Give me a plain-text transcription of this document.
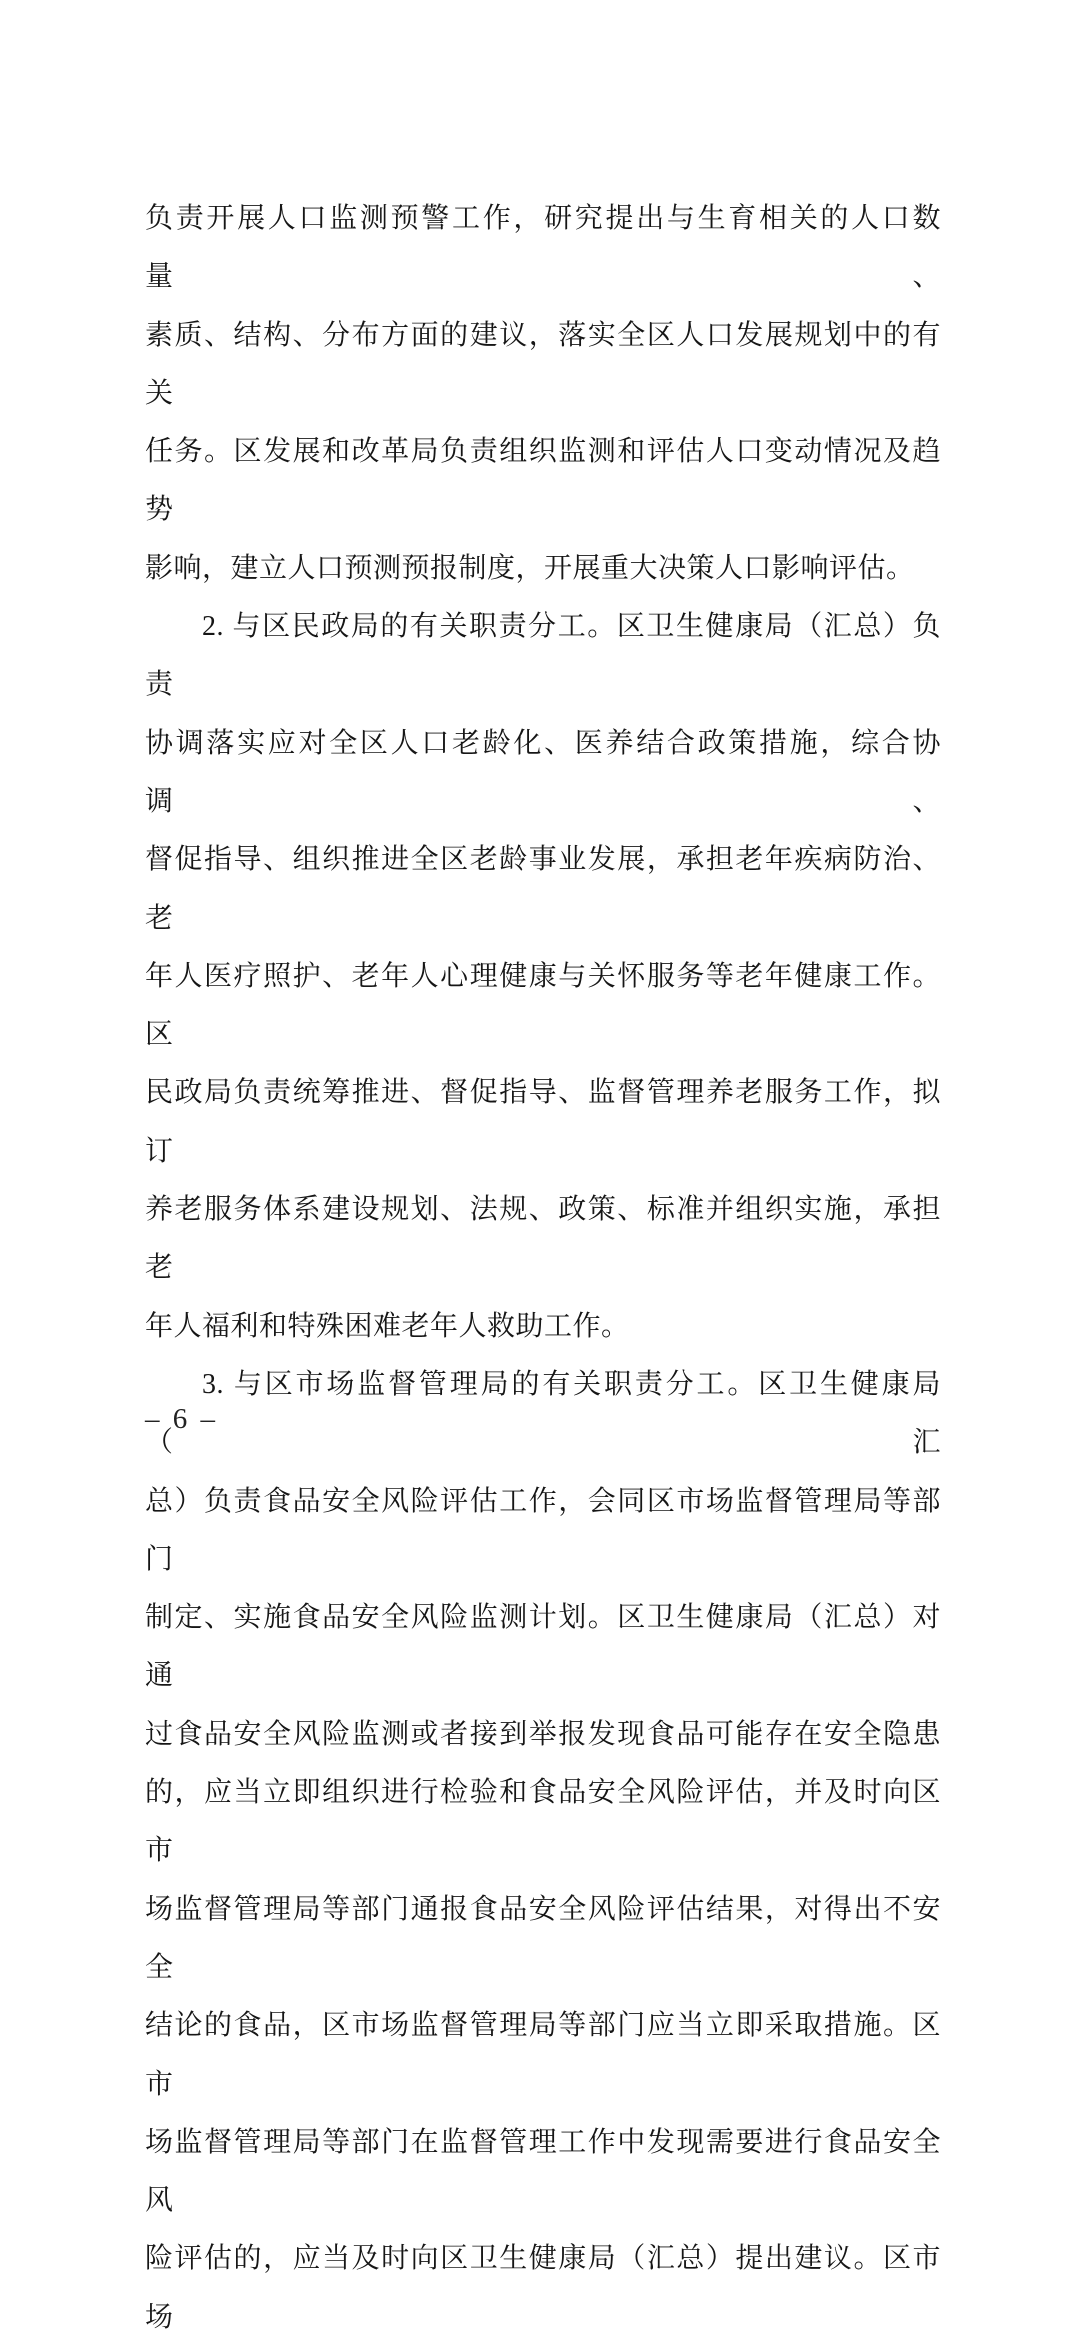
负责开展人口监测预警工作，研究提出与生育相关的人口数量、
素质、结构、分布方面的建议，落实全区人口发展规划中的有关
任务。区发展和改革局负责组织监测和评估人口变动情况及趋势
影响，建立人口预测预报制度，开展重大决策人口影响评估。
2. 与区民政局的有关职责分工。区卫生健康局（汇总）负责
协调落实应对全区人口老龄化、医养结合政策措施，综合协调、
督促指导、组织推进全区老龄事业发展，承担老年疾病防治、老
年人医疗照护、老年人心理健康与关怀服务等老年健康工作。区
民政局负责统筹推进、督促指导、监督管理养老服务工作，拟订
养老服务体系建设规划、法规、政策、标准并组织实施，承担老
年人福利和特殊困难老年人救助工作。
3. 与区市场监督管理局的有关职责分工。区卫生健康局（汇
总）负责食品安全风险评估工作，会同区市场监督管理局等部门
制定、实施食品安全风险监测计划。区卫生健康局（汇总）对通
过食品安全风险监测或者接到举报发现食品可能存在安全隐患
的，应当立即组织进行检验和食品安全风险评估，并及时向区市
场监督管理局等部门通报食品安全风险评估结果，对得出不安全
结论的食品，区市场监督管理局等部门应当立即采取措施。区市
场监督管理局等部门在监督管理工作中发现需要进行食品安全风
险评估的，应当及时向区卫生健康局（汇总）提出建议。区市场
– 6 –
